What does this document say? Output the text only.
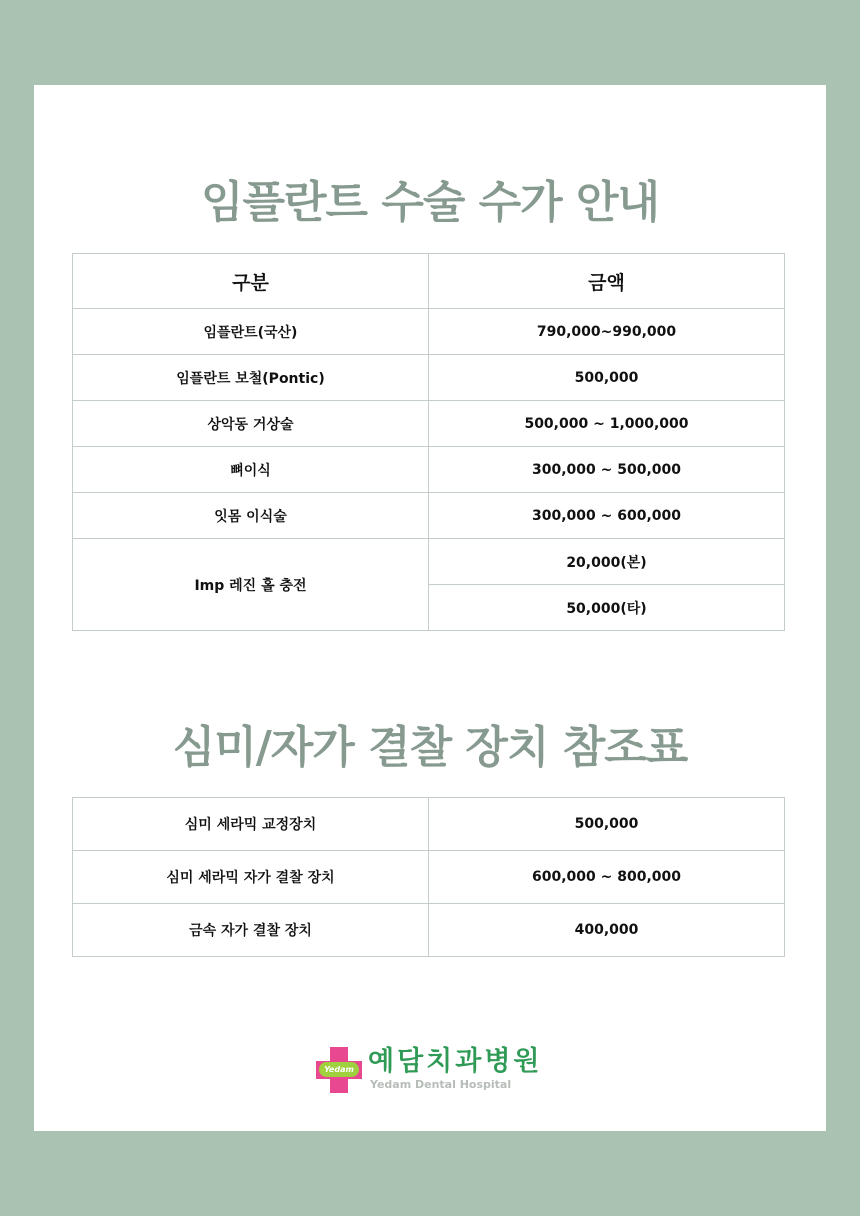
임플란트 수술 수가 안내
구분	금액
임플란트(국산)	790,000~990,000
임플란트 보철(Pontic)	500,000
상악동 거상술	500,000 ~ 1,000,000
뼈이식	300,000 ~ 500,000
잇몸 이식술	300,000 ~ 600,000
Imp 레진 홀 충전	20,000(본)
	50,000(타)
심미/자가 결찰 장치 참조표
심미 세라믹 교정장치	500,000
심미 세라믹 자가 결찰 장치	600,000 ~ 800,000
금속 자가 결찰 장치	400,000
Yedam 예담치과병원
Yedam Dental Hospital
